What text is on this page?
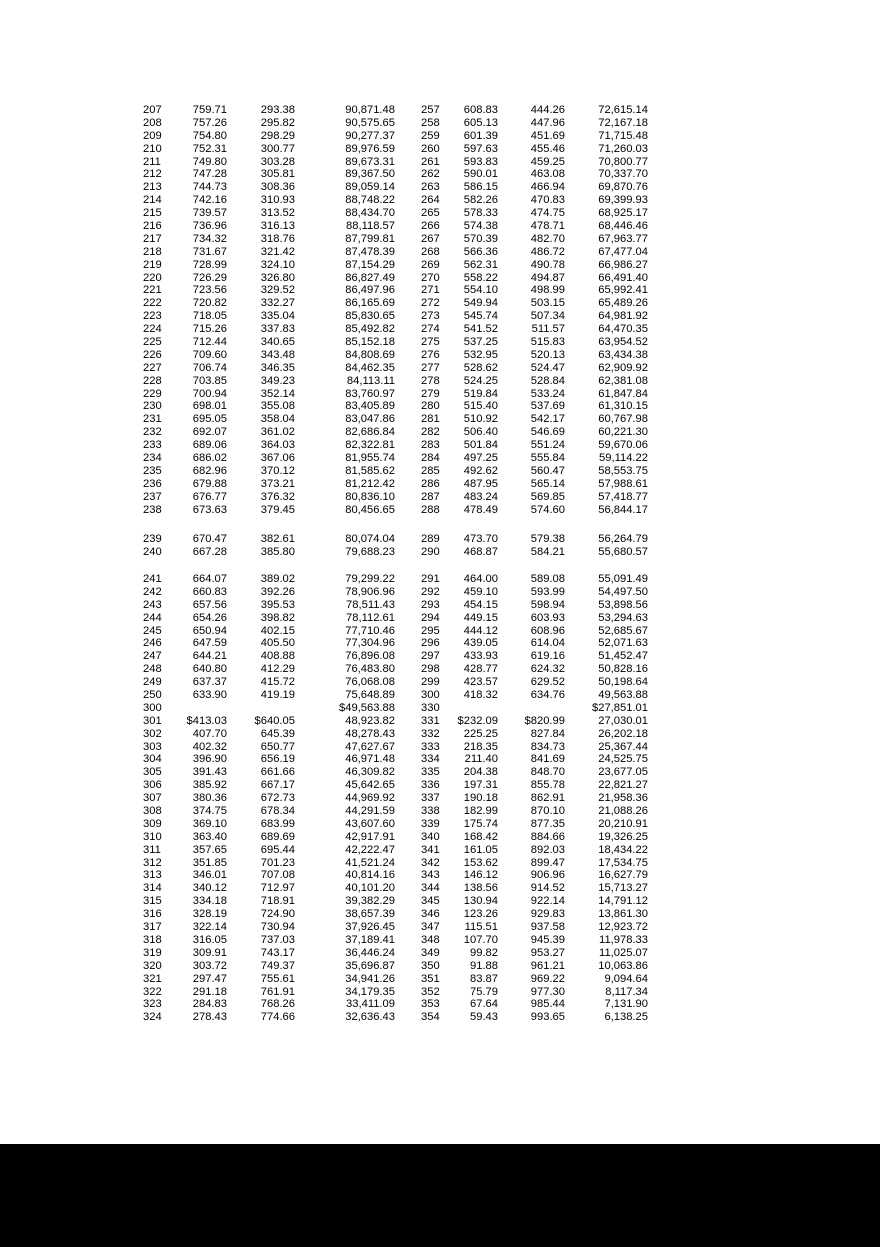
207	759.71	293.38	90,871.48 257 608.83	444.26	72,615.14
208	757.26	295.82	90,575.65 258 605.13	447.96	72,167.18
209	754.80	298.29	90,277.37 259 601.39	451.69	71,715.48
210	752.31	300.77	89,976.59 260 597.63	455.46	71,260.03
211	749.80	303.28	89,673.31 261 593.83	459.25	70,800.77
212	747.28	305.81	89,367.50 262 590.01	463.08	70,337.70
213	744.73	308.36	89,059.14 263 586.15	466.94	69,870.76
214	742.16	310.93	88,748.22 264 582.26	470.83	69,399.93
215	739.57	313.52	88,434.70 265 578.33	474.75	68,925.17
216	736.96	316.13	88,118.57 266 574.38	478.71	68,446.46
217	734.32	318.76	87,799.81 267 570.39	482.70	67,963.77
218	731.67	321.42	87,478.39 268 566.36	486.72	67,477.04
219	728.99	324.10	87,154.29 269 562.31	490.78	66,986.27
220	726.29	326.80	86,827.49 270 558.22	494.87	66,491.40
221	723.56	329.52	86,497.96 271 554.10	498.99	65,992.41
222	720.82	332.27	86,165.69 272 549.94	503.15	65,489.26
223	718.05	335.04	85,830.65 273 545.74	507.34	64,981.92
224	715.26	337.83	85,492.82 274 541.52	511.57	64,470.35
225	712.44	340.65	85,152.18 275 537.25	515.83	63,954.52
226	709.60	343.48	84,808.69 276 532.95	520.13	63,434.38
227	706.74	346.35	84,462.35 277 528.62	524.47	62,909.92
228	703.85	349.23	84,113.11 278 524.25	528.84	62,381.08
229	700.94	352.14	83,760.97 279 519.84	533.24	61,847.84
230	698.01	355.08	83,405.89 280 515.40	537.69	61,310.15
231	695.05	358.04	83,047.86 281 510.92	542.17	60,767.98
232	692.07	361.02	82,686.84 282 506.40	546.69	60,221.30
233	689.06	364.03	82,322.81 283 501.84	551.24	59,670.06
234	686.02	367.06	81,955.74 284 497.25	555.84	59,114.22
235	682.96	370.12	81,585.62 285 492.62	560.47	58,553.75
236	679.88	373.21	81,212.42 286 487.95	565.14	57,988.61
237	676.77	376.32	80,836.10 287 483.24	569.85	57,418.77
238	673.63	379.45	80,456.65 288 478.49	574.60	56,844.17
239	670.47	382.61	80,074.04 289 473.70	579.38	56,264.79
240	667.28	385.80	79,688.23 290 468.87	584.21	55,680.57
241	664.07	389.02	79,299.22 291 464.00	589.08	55,091.49
242	660.83	392.26	78,906.96 292 459.10	593.99	54,497.50
243	657.56	395.53	78,511.43 293 454.15	598.94	53,898.56
244	654.26	398.82	78,112.61 294 449.15	603.93	53,294.63
245	650.94	402.15	77,710.46 295 444.12	608.96	52,685.67
246	647.59	405.50	77,304.96 296 439.05	614.04	52,071.63
247	644.21	408.88	76,896.08 297 433.93	619.16	51,452.47
248	640.80	412.29	76,483.80 298 428.77	624.32	50,828.16
249	637.37	415.72	76,068.08 299 423.57	629.52	50,198.64
250	633.90	419.19	75,648.89 300 418.32	634.76	49,563.88
300	$49,563.88 330	$27,851.01
301 $413.03 $640.05	48,923.82 331 $232.09 $820.99	27,030.01
302	407.70	645.39	48,278.43 332 225.25	827.84	26,202.18
303	402.32	650.77	47,627.67 333 218.35	834.73	25,367.44
304	396.90	656.19	46,971.48 334 211.40	841.69	24,525.75
305	391.43	661.66	46,309.82 335 204.38	848.70	23,677.05
306	385.92	667.17	45,642.65 336 197.31	855.78	22,821.27
307	380.36	672.73	44,969.92 337 190.18	862.91	21,958.36
308	374.75	678.34	44,291.59 338 182.99	870.10	21,088.26
309	369.10	683.99	43,607.60 339 175.74	877.35	20,210.91
310	363.40	689.69	42,917.91 340 168.42	884.66	19,326.25
311	357.65	695.44	42,222.47 341 161.05	892.03	18,434.22
312	351.85	701.23	41,521.24 342 153.62	899.47	17,534.75
313	346.01	707.08	40,814.16 343 146.12	906.96	16,627.79
314	340.12	712.97	40,101.20 344 138.56	914.52	15,713.27
315	334.18	718.91	39,382.29 345 130.94	922.14	14,791.12
316	328.19	724.90	38,657.39 346 123.26	929.83	13,861.30
317	322.14	730.94	37,926.45 347 115.51	937.58	12,923.72
318	316.05	737.03	37,189.41 348 107.70	945.39	11,978.33
319	309.91	743.17	36,446.24 349	99.82	953.27	11,025.07
320	303.72	749.37	35,696.87 350	91.88	961.21	10,063.86
321	297.47	755.61	34,941.26 351	83.87	969.22	9,094.64
322	291.18	761.91	34,179.35 352	75.79	977.30	8,117.34
323	284.83	768.26	33,411.09 353	67.64	985.44	7,131.90
324	278.43	774.66	32,636.43 354	59.43	993.65	6,138.25
